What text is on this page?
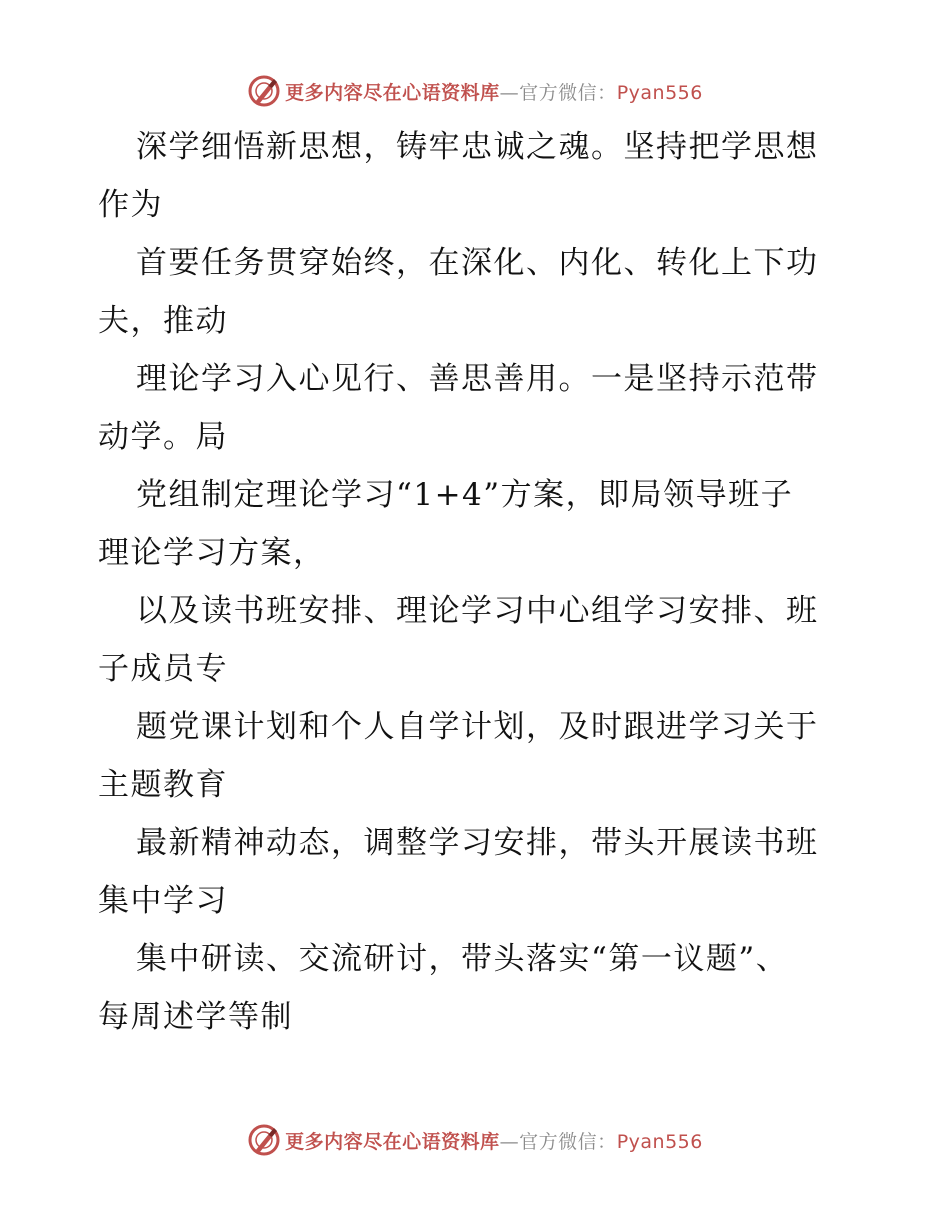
更多内容尽在心语资料库—官方微信：Pyan556

深学细悟新思想，铸牢忠诚之魂。坚持把学思想
作为

首要任务贯穿始终，在深化、内化、转化上下功
夫，推动

理论学习入心见行、善思善用。一是坚持示范带
动学。局

党组制定理论学习“1+4”方案，即局领导班子
理论学习方案，

以及读书班安排、理论学习中心组学习安排、班
子成员专

题党课计划和个人自学计划，及时跟进学习关于
主题教育

最新精神动态，调整学习安排，带头开展读书班
集中学习

集中研读、交流研讨，带头落实“第一议题”、
每周述学等制

更多内容尽在心语资料库—官方微信：Pyan556
